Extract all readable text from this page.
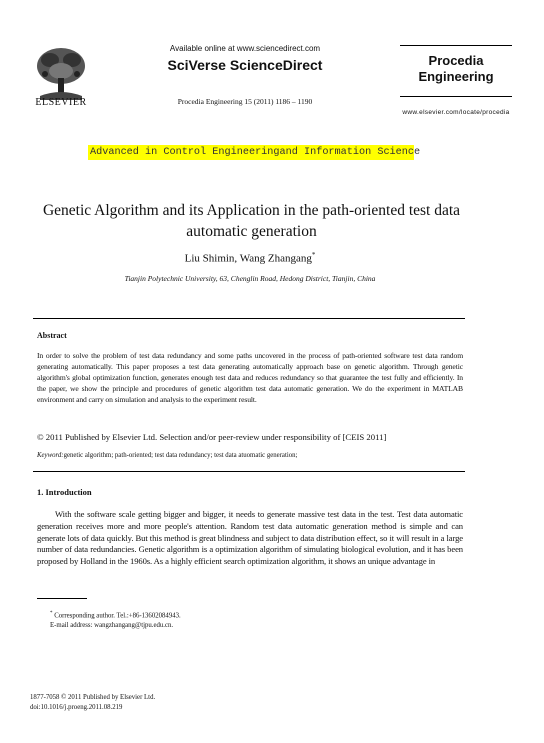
ELSEVIER
Available online at www.sciencedirect.com
SciVerse ScienceDirect
Procedia Engineering 15 (2011) 1186 – 1190
Procedia
Engineering
www.elsevier.com/locate/procedia
Advanced in Control Engineeringand Information Science
Genetic Algorithm and its Application in the path-oriented test data automatic generation
Liu Shimin, Wang Zhangang*
Tianjin Polytechnic University, 63, Chenglin Road, Hedong District, Tianjin, China
Abstract
In order to solve the problem of test data redundancy and some paths uncovered in the process of path-oriented software test data random generating automatically. This paper proposes a test data generating automatically approach base on genetic algorithm. Through genetic algorithm's global optimization function, generates enough test data and reduces redundancy so that guarantee the test fully and efficiently. In the paper, we show the principle and procedures of genetic algorithm test data automatic generation. We do the experiment in MATLAB environment and carry on simulation and analysis to the experiment result.
© 2011 Published by Elsevier Ltd. Selection and/or peer-review under responsibility of [CEIS 2011]
Keyword:genetic algorithm; path-oriented; test data redundancy; test data atuomatic generation;
1. Introduction

With the software scale getting bigger and bigger, it needs to generate massive test data in the test. Test data automatic generation receives more and more people's attention. Random test data automatic generation method is simple and can generate lots of data quickly. But this method is great blindness and subject to data distribution effect, so it will result in a large number of data redundancies. Genetic algorithm is a optimization algorithm of simulating biological evolution, and it has been proposed by Holland in the 1960s. As a highly efficient search optimization algorithm, it shows an unique advantage in

* Corresponding author. Tel.:+86-13602084943.
E-mail address: wangzhangang@tjpu.edu.cn.
1877-7058 © 2011 Published by Elsevier Ltd.
doi:10.1016/j.proeng.2011.08.219
